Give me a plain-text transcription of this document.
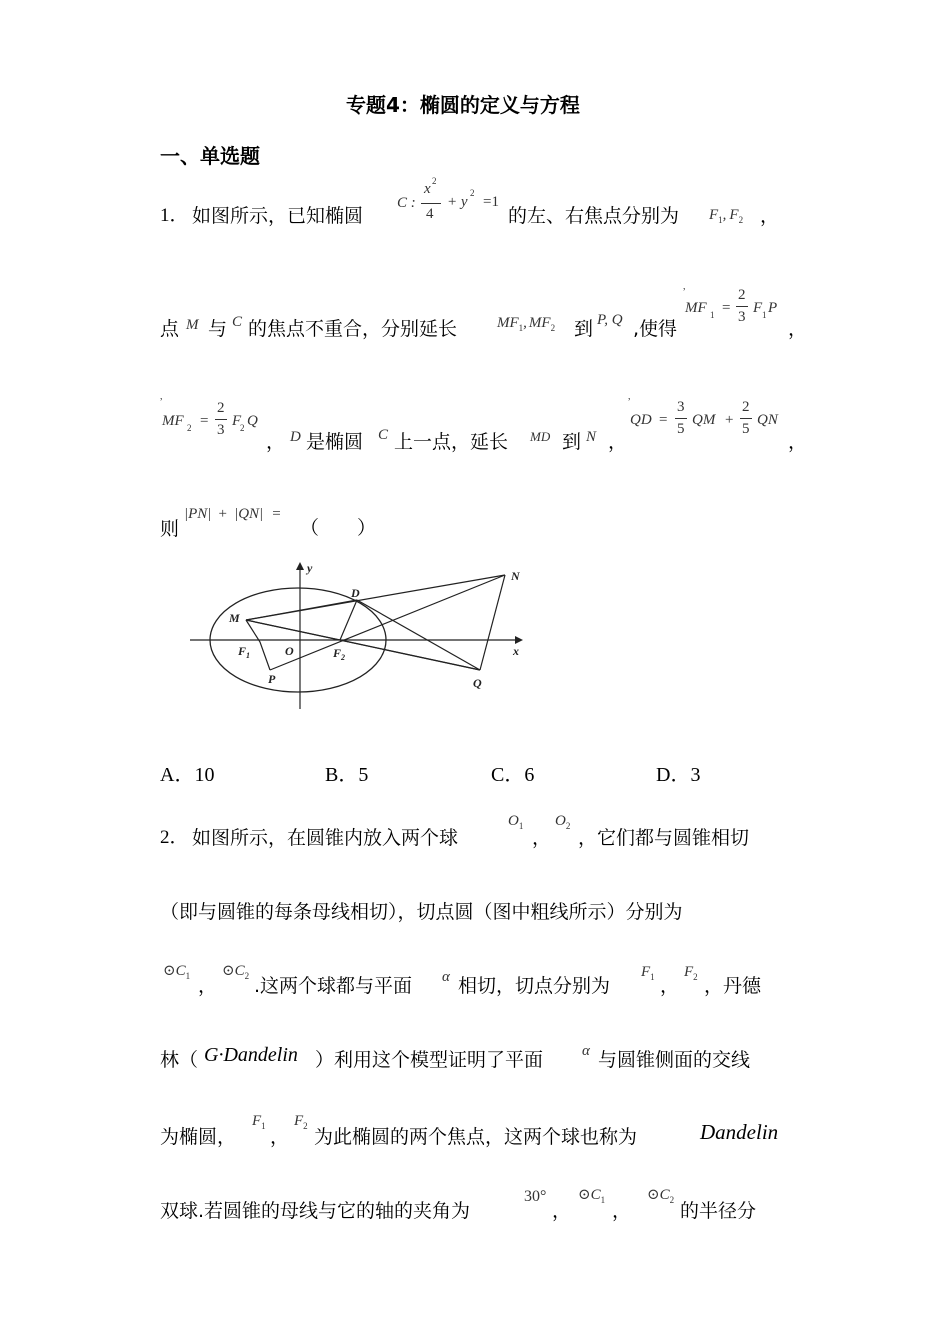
专题4：椭圆的定义与方程
一、单选题
1． 如图所示，已知椭圆
C :
x 2
4
+ y
2
=1
的左、右焦点分别为 $F_1$, $F_2$ ，
点 M 与 C 的焦点不重合，分别延长	$MF_1$, $MF_2$ 到 P, Q ,使得
,
MF 1 =
2
3
F 1 P
，
,
MF 2 =
2
3
F
2 Q
， D 是椭圆 C 上一点，延长 MD 到 N ，
,
QD =
3
5
QM +
2
5
QN
，
则
|PN| + |QN| =
（　　）
y
x
M
D
N
$F_1$	O	$F_2$
P	Q
A．10	B．5	C．6	D．3
2． 如图所示，在圆锥内放入两个球
$O_1$
，
$O_2$
，它们都与圆锥相切
（即与圆锥的每条母线相切），切点圆（图中粗线所示）分别为
$⊙C_1$ ，
$⊙C_2$ .这两个球都与平面 α 相切，切点分别为
$F_1$ ，
$F_2$ ，丹德
林（ G·Dandelin ）利用这个模型证明了平面	α 与圆锥侧面的交线
为椭圆，
$F_1$ ，
$F_2$ 为此椭圆的两个焦点，这两个球也称为	Dandelin
双球.若圆锥的母线与它的轴的夹角为
30°
，
$⊙C_1$ ，
$⊙C_2$ 的半径分
